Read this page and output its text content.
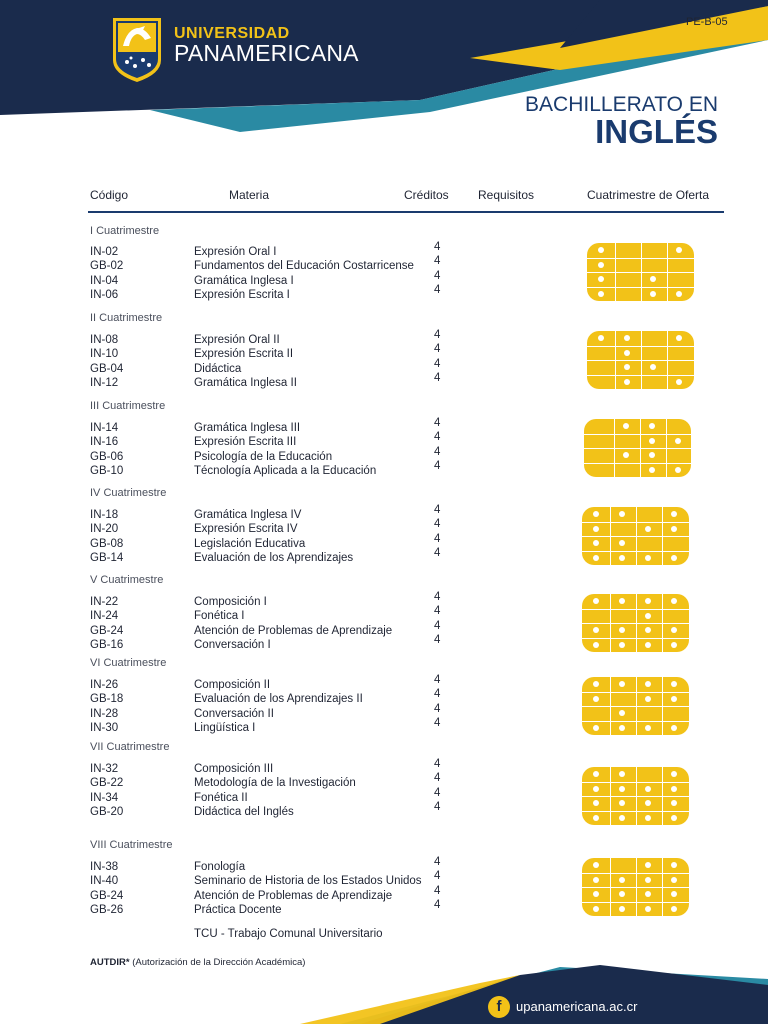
UNIVERSIDAD
PANAMERICANA
PE-B-05
BACHILLERATO EN
INGLÉS
Código	Materia	Créditos Requisitos	Cuatrimestre de Oferta
I Cuatrimestre
IN-02	Expresión Oral I	4
GB-02	Fundamentos del Educación Costarricense 4
IN-04	Gramática Inglesa I	4
IN-06	Expresión Escrita I	4
II Cuatrimestre
IN-08	Expresión Oral II	4
IN-10	Expresión Escrita II	4
GB-04	Didáctica	4
IN-12	Gramática Inglesa II	4
III Cuatrimestre
IN-14	Gramática Inglesa III	4
IN-16	Expresión Escrita III	4
GB-06	Psicología de la Educación	4
GB-10	Técnología Aplicada a la Educación	4
IV Cuatrimestre
IN-18	Gramática Inglesa IV	4
IN-20	Expresión Escrita IV	4
GB-08	Legislación Educativa	4
GB-14	Evaluación de los Aprendizajes	4
V Cuatrimestre
IN-22	Composición I	4
IN-24	Fonética I	4
GB-24	Atención de Problemas de Aprendizaje	4
GB-16	Conversación I	4
VI Cuatrimestre
IN-26	Composición II	4
GB-18	Evaluación de los Aprendizajes II	4
IN-28	Conversación II	4
IN-30	Lingüística I	4
VII Cuatrimestre
IN-32	Composición III	4
GB-22	Metodología de la Investigación	4
IN-34	Fonética II	4
GB-20	Didáctica del Inglés	4
VIII Cuatrimestre
IN-38	Fonología	4
IN-40	Seminario de Historia de los Estados Unidos 4
GB-24	Atención de Problemas de Aprendizaje	4
GB-26	Práctica Docente	4
TCU - Trabajo Comunal Universitario
AUTDIR* (Autorización de la Dirección Académica)
f	upanamericana.ac.cr
